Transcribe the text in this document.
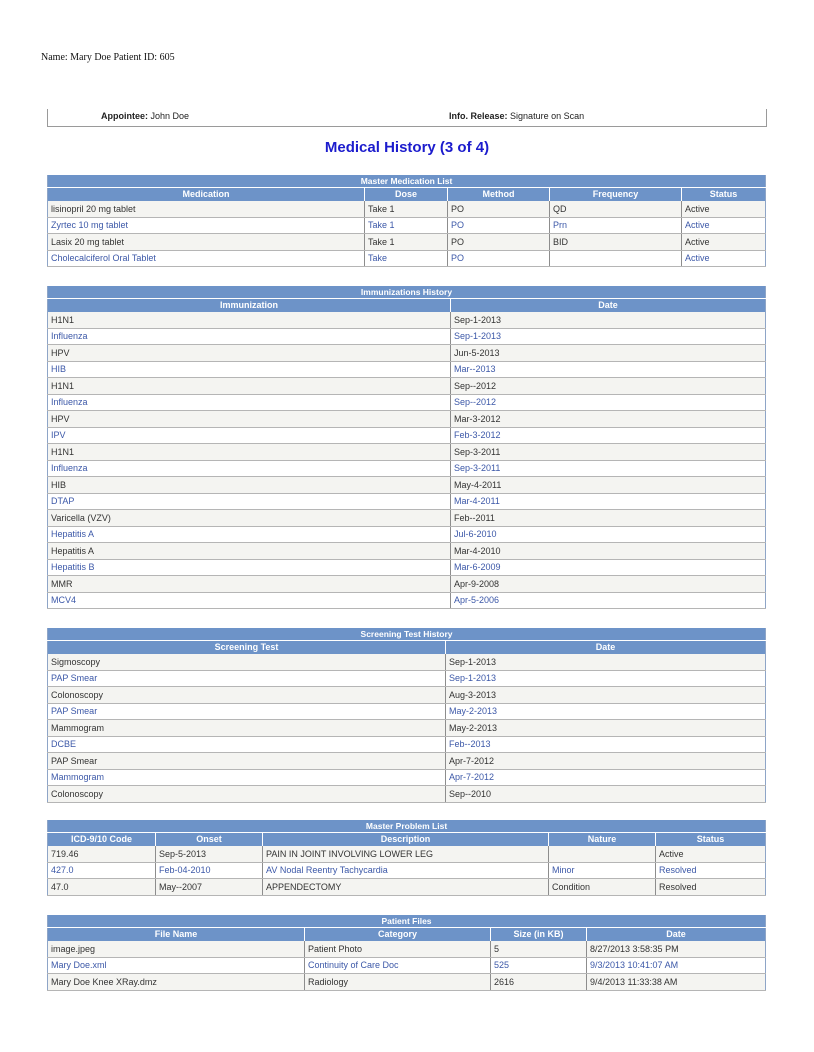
Name: Mary Doe Patient ID: 605
Appointee: John Doe	Info. Release: Signature on Scan
Medical History (3 of 4)
Master Medication List				
Medication	Dose	Method	Frequency	Status
lisinopril 20 mg tablet	Take 1	PO	QD	Active
Zyrtec 10 mg tablet	Take 1	PO	Prn	Active
Lasix 20 mg tablet	Take 1	PO	BID	Active
Cholecalciferol Oral Tablet	Take	PO		Active
Immunizations History	
Immunization	Date
H1N1	Sep-1-2013
Influenza	Sep-1-2013
HPV	Jun-5-2013
HIB	Mar--2013
H1N1	Sep--2012
Influenza	Sep--2012
HPV	Mar-3-2012
IPV	Feb-3-2012
H1N1	Sep-3-2011
Influenza	Sep-3-2011
HIB	May-4-2011
DTAP	Mar-4-2011
Varicella (VZV)	Feb--2011
Hepatitis A	Jul-6-2010
Hepatitis A	Mar-4-2010
Hepatitis B	Mar-6-2009
MMR	Apr-9-2008
MCV4	Apr-5-2006
Screening Test History	
Screening Test	Date
Sigmoscopy	Sep-1-2013
PAP Smear	Sep-1-2013
Colonoscopy	Aug-3-2013
PAP Smear	May-2-2013
Mammogram	May-2-2013
DCBE	Feb--2013
PAP Smear	Apr-7-2012
Mammogram	Apr-7-2012
Colonoscopy	Sep--2010
Master Problem List				
ICD-9/10 Code	Onset	Description	Nature	Status
719.46	Sep-5-2013	PAIN IN JOINT INVOLVING LOWER LEG		Active
427.0	Feb-04-2010	AV Nodal Reentry Tachycardia	Minor	Resolved
47.0	May--2007	APPENDECTOMY	Condition	Resolved
Patient Files			
File Name	Category	Size (in KB)	Date
image.jpeg	Patient Photo	5	8/27/2013 3:58:35 PM
Mary Doe.xml	Continuity of Care Doc	525	9/3/2013 10:41:07 AM
Mary Doe Knee XRay.dmz	Radiology	2616	9/4/2013 11:33:38 AM
